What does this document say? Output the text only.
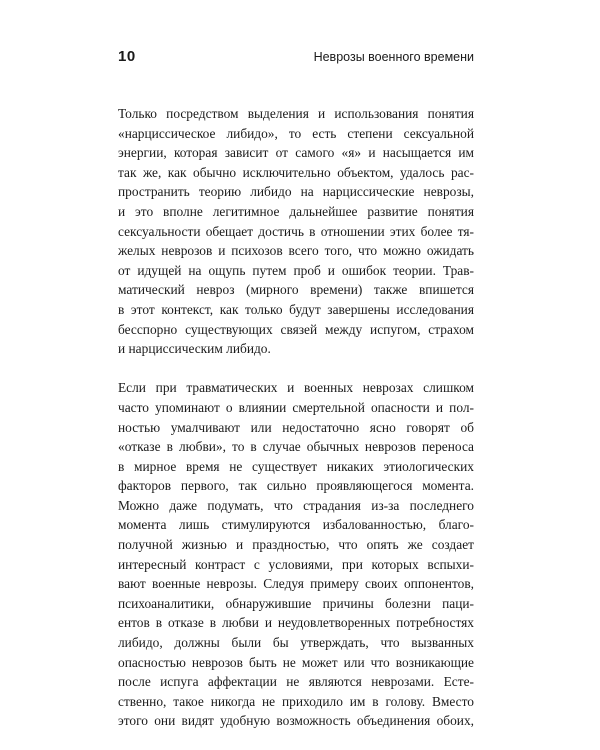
10	Неврозы военного времени

Только посредством выделения и использования понятия
«нарциссическое либидо», то есть степени сексуальной
энергии, которая зависит от самого «я» и насыщается им
так же, как обычно исключительно объектом, удалось рас-
пространить теорию либидо на нарциссические неврозы,
и это вполне легитимное дальнейшее развитие понятия
сексуальности обещает достичь в отношении этих более тя-
желых неврозов и психозов всего того, что можно ожидать
от идущей на ощупь путем проб и ошибок теории. Трав-
матический невроз (мирного времени) также впишется
в этот контекст, как только будут завершены исследования
бесспорно существующих связей между испугом, страхом
и нарциссическим либидо.

Если при травматических и военных неврозах слишком
часто упоминают о влиянии смертельной опасности и пол-
ностью умалчивают или недостаточно ясно говорят об
«отказе в любви», то в случае обычных неврозов переноса
в мирное время не существует никаких этиологических
факторов первого, так сильно проявляющегося момента.
Можно даже подумать, что страдания из-за последнего
момента лишь стимулируются избалованностью, благо-
получной жизнью и праздностью, что опять же создает
интересный контраст с условиями, при которых вспыхи-
вают военные неврозы. Следуя примеру своих оппонентов,
психоаналитики, обнаружившие причины болезни паци-
ентов в отказе в любви и неудовлетворенных потребностях
либидо, должны были бы утверждать, что вызванных
опасностью неврозов быть не может или что возникающие
после испуга аффектации не являются неврозами. Есте-
ственно, такое никогда не приходило им в голову. Вместо
этого они видят удобную возможность объединения обоих,
